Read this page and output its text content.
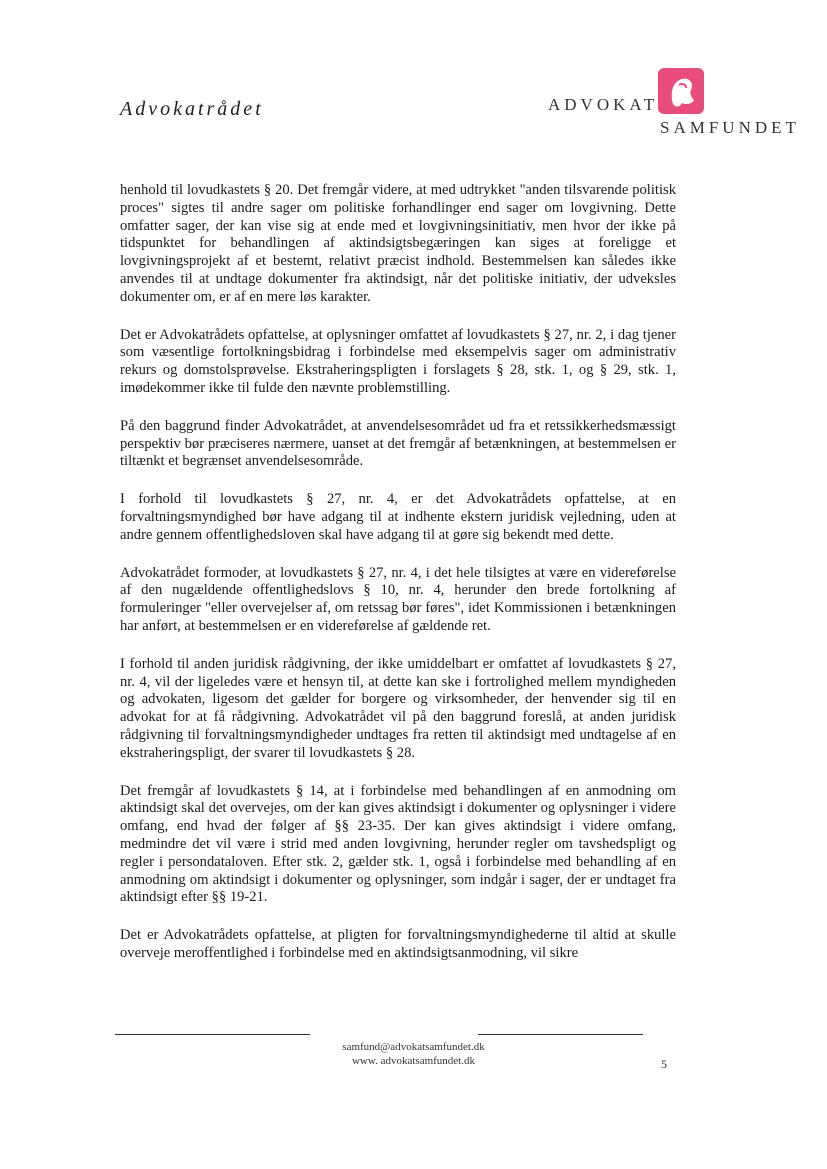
Advokatrådet	ADVOKAT
SAMFUNDET

henhold til lovudkastets § 20. Det fremgår videre, at med udtrykket "anden tilsvarende politisk proces" sigtes til andre sager om politiske forhandlinger end sager om lovgivning. Dette omfatter sager, der kan vise sig at ende med et lovgivningsinitiativ, men hvor der ikke på tidspunktet for behandlingen af aktindsigtsbegæringen kan siges at foreligge et lovgivningsprojekt af et bestemt, relativt præcist indhold. Bestemmelsen kan således ikke anvendes til at undtage dokumenter fra aktindsigt, når det politiske initiativ, der udveksles dokumenter om, er af en mere løs karakter.

Det er Advokatrådets opfattelse, at oplysninger omfattet af lovudkastets § 27, nr. 2, i dag tjener som væsentlige fortolkningsbidrag i forbindelse med eksempelvis sager om administrativ rekurs og domstolsprøvelse. Ekstraheringspligten i forslagets § 28, stk. 1, og § 29, stk. 1, imødekommer ikke til fulde den nævnte problemstilling.

På den baggrund finder Advokatrådet, at anvendelsesområdet ud fra et retssikkerhedsmæssigt perspektiv bør præciseres nærmere, uanset at det fremgår af betænkningen, at bestemmelsen er tiltænkt et begrænset anvendelsesområde.

I forhold til lovudkastets § 27, nr. 4, er det Advokatrådets opfattelse, at en forvaltningsmyndighed bør have adgang til at indhente ekstern juridisk vejledning, uden at andre gennem offentlighedsloven skal have adgang til at gøre sig bekendt med dette.

Advokatrådet formoder, at lovudkastets § 27, nr. 4, i det hele tilsigtes at være en videreførelse af den nugældende offentlighedslovs § 10, nr. 4, herunder den brede fortolkning af formuleringer "eller overvejelser af, om retssag bør føres", idet Kommissionen i betænkningen har anført, at bestemmelsen er en videreførelse af gældende ret.

I forhold til anden juridisk rådgivning, der ikke umiddelbart er omfattet af lovudkastets § 27, nr. 4, vil der ligeledes være et hensyn til, at dette kan ske i fortrolighed mellem myndigheden og advokaten, ligesom det gælder for borgere og virksomheder, der henvender sig til en advokat for at få rådgivning. Advokatrådet vil på den baggrund foreslå, at anden juridisk rådgivning til forvaltningsmyndigheder undtages fra retten til aktindsigt med undtagelse af en ekstraheringspligt, der svarer til lovudkastets § 28.

Det fremgår af lovudkastets § 14, at i forbindelse med behandlingen af en anmodning om aktindsigt skal det overvejes, om der kan gives aktindsigt i dokumenter og oplysninger i videre omfang, end hvad der følger af §§ 23-35. Der kan gives aktindsigt i videre omfang, medmindre det vil være i strid med anden lovgivning, herunder regler om tavshedspligt og regler i persondataloven. Efter stk. 2, gælder stk. 1, også i forbindelse med behandling af en anmodning om aktindsigt i dokumenter og oplysninger, som indgår i sager, der er undtaget fra aktindsigt efter §§ 19-21.

Det er Advokatrådets opfattelse, at pligten for forvaltningsmyndighederne til altid at skulle overveje meroffentlighed i forbindelse med en aktindsigtsanmodning, vil sikre

samfund@advokatsamfundet.dk
www. advokatsamfundet.dk	5
